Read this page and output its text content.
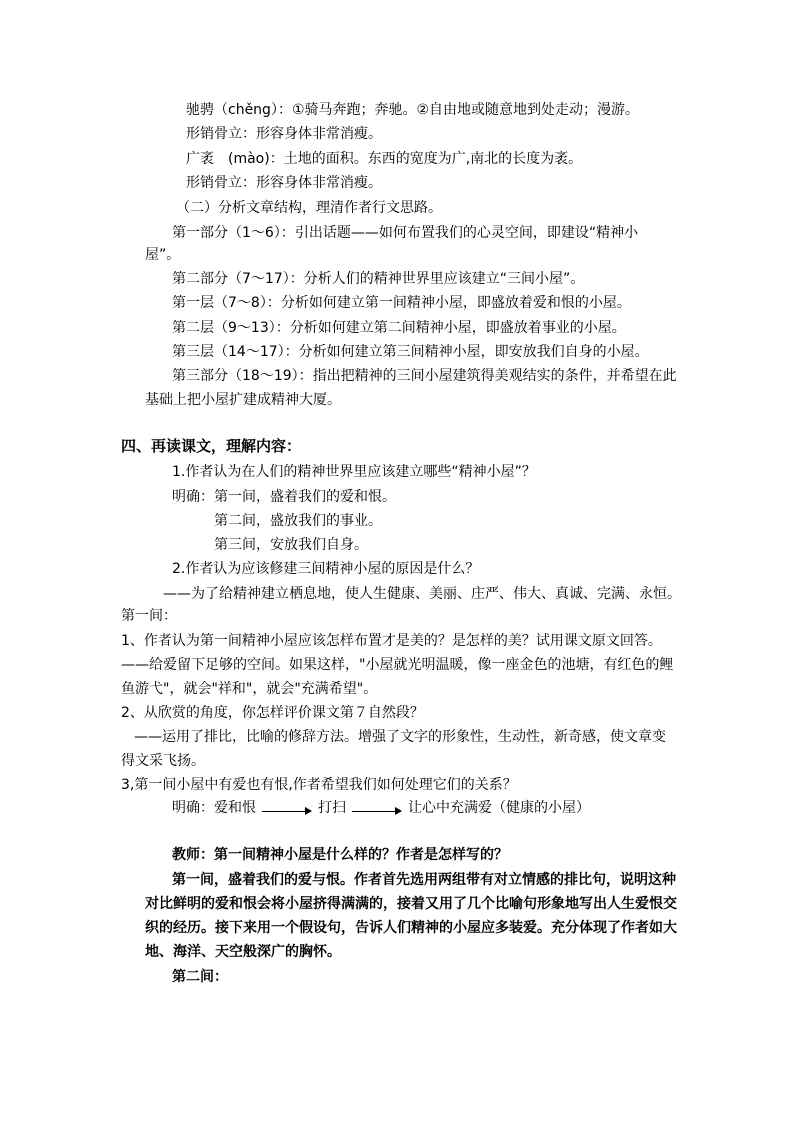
驰骋（chěng）：①骑马奔跑；奔驰。②自由地或随意地到处走动；漫游。
形销骨立：形容身体非常消瘦。
广袤　(mào)：土地的面积。东西的宽度为广,南北的长度为袤。
形销骨立：形容身体非常消瘦。
（二）分析文章结构，理清作者行文思路。
第一部分（1～6）：引出话题——如何布置我们的心灵空间，即建设“精神小
屋”。
第二部分（7～17）：分析人们的精神世界里应该建立“三间小屋”。
第一层（7～8）：分析如何建立第一间精神小屋，即盛放着爱和恨的小屋。
第二层（9～13）：分析如何建立第二间精神小屋，即盛放着事业的小屋。
第三层（14～17）：分析如何建立第三间精神小屋，即安放我们自身的小屋。
第三部分（18～19）：指出把精神的三间小屋建筑得美观结实的条件，并希望在此
基础上把小屋扩建成精神大厦。
四、再读课文，理解内容：
1.作者认为在人们的精神世界里应该建立哪些“精神小屋”？
明确：第一间，盛着我们的爱和恨。
第二间，盛放我们的事业。
第三间，安放我们自身。
2.作者认为应该修建三间精神小屋的原因是什么？
——为了给精神建立栖息地，使人生健康、美丽、庄严、伟大、真诚、完满、永恒。
第一间：
1、作者认为第一间精神小屋应该怎样布置才是美的？是怎样的美？试用课文原文回答。
——给爱留下足够的空间。如果这样，"小屋就光明温暖，像一座金色的池塘，有红色的鲤
鱼游弋"，就会"祥和"，就会"充满希望"。
2、从欣赏的角度，你怎样评价课文第７自然段？
——运用了排比，比喻的修辞方法。增强了文字的形象性，生动性，新奇感，使文章变
得文采飞扬。
3,第一间小屋中有爱也有恨,作者希望我们如何处理它们的关系？
教师：第一间精神小屋是什么样的？作者是怎样写的？
第一间，盛着我们的爱与恨。作者首先选用两组带有对立情感的排比句，说明这种
对比鲜明的爱和恨会将小屋挤得满满的，接着又用了几个比喻句形象地写出人生爱恨交
织的经历。接下来用一个假设句，告诉人们精神的小屋应多装爱。充分体现了作者如大
地、海洋、天空般深广的胸怀。
第二间：
明确：爱和恨	打扫	让心中充满爱（健康的小屋）
